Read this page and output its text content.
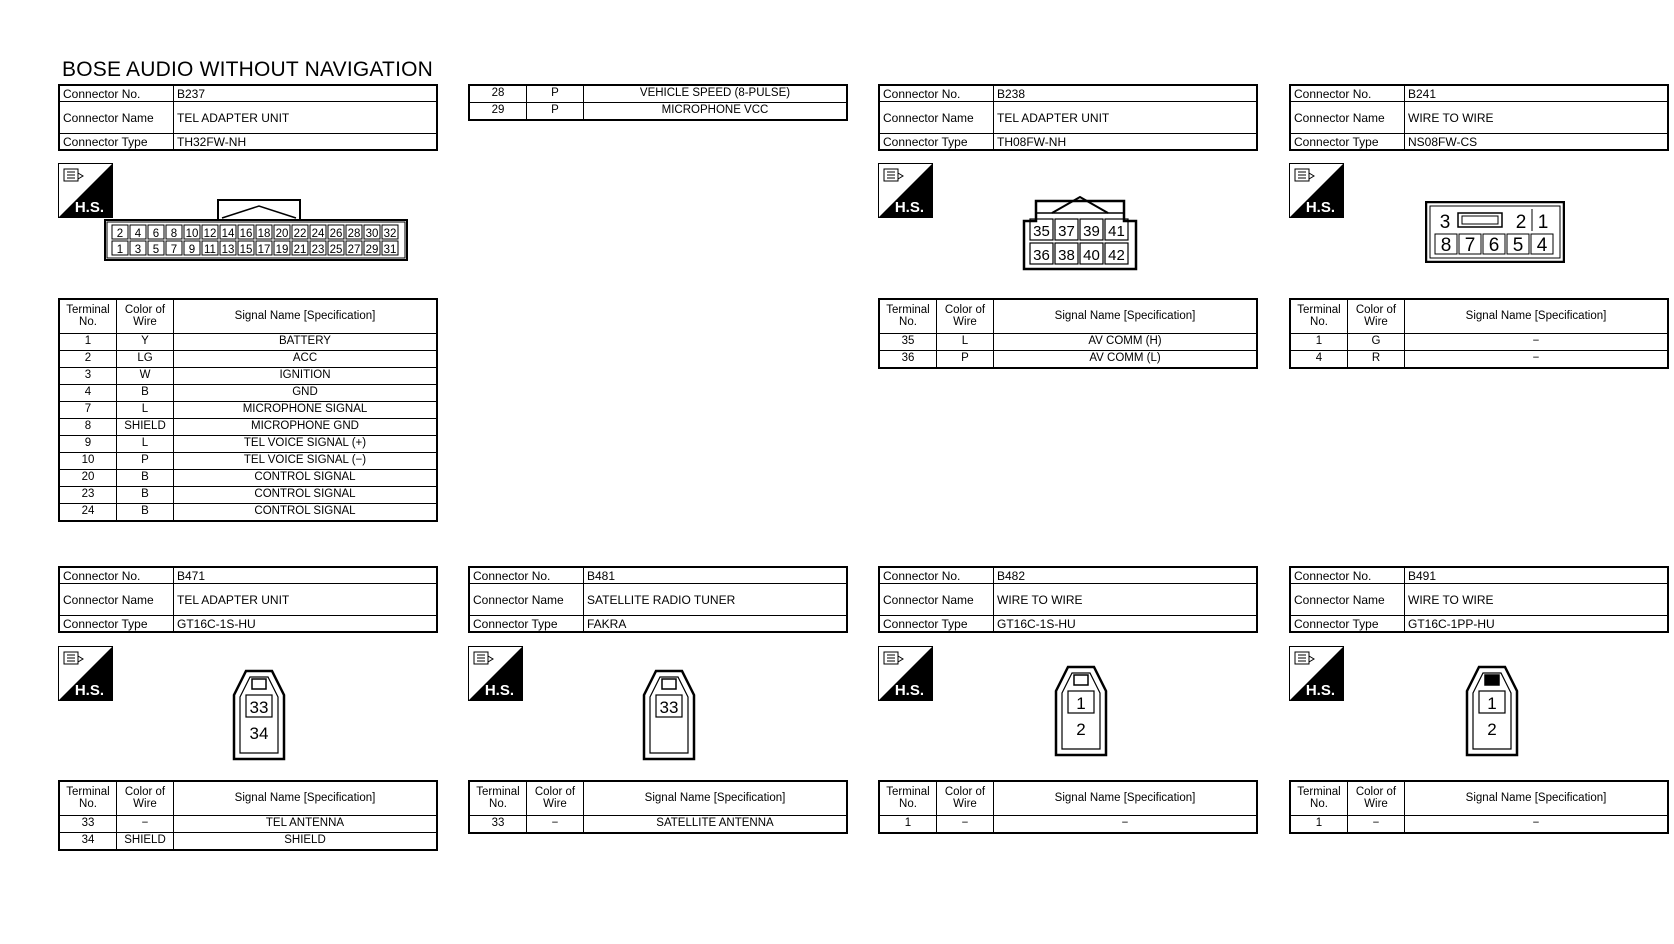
BOSE AUDIO WITHOUT NAVIGATION
Connector No.	B237
Connector Name	TEL ADAPTER UNIT
Connector Type	TH32FW-NH
H.S.
2 4 6 8 10 12 14 16 18 20 22 24 26 28 30 32
1 3 5 7 9 11 13 15 17 19 21 23 25 27 29 31
Terminal No.	Color of Wire	Signal Name [Specification]
1	Y	BATTERY
2	LG	ACC
3	W	IGNITION
4	B	GND
7	L	MICROPHONE SIGNAL
8	SHIELD	MICROPHONE GND
9	L	TEL VOICE SIGNAL (+)
10	P	TEL VOICE SIGNAL (−)
20	B	CONTROL SIGNAL
23	B	CONTROL SIGNAL
24	B	CONTROL SIGNAL
28	P	VEHICLE SPEED (8-PULSE)
29	P	MICROPHONE VCC
Connector No.	B238
Connector Name	TEL ADAPTER UNIT
Connector Type	TH08FW-NH
H.S.
35 37 39 41
36 38 40 42
Terminal No.	Color of Wire	Signal Name [Specification]
35	L	AV COMM (H)
36	P	AV COMM (L)
Connector No.	B241
Connector Name	WIRE TO WIRE
Connector Type	NS08FW-CS
H.S.
3	2 1
8 7 6 5 4
Terminal No.	Color of Wire	Signal Name [Specification]
1	G	−
4	R	−
Connector No.	B471
Connector Name	TEL ADAPTER UNIT
Connector Type	GT16C-1S-HU
H.S.
33
34
Terminal No.	Color of Wire	Signal Name [Specification]
33	−	TEL ANTENNA
34	SHIELD	SHIELD
Connector No.	B481
Connector Name	SATELLITE RADIO TUNER
Connector Type	FAKRA
H.S.
33
Terminal No.	Color of Wire	Signal Name [Specification]
33	−	SATELLITE ANTENNA
Connector No.	B482
Connector Name	WIRE TO WIRE
Connector Type	GT16C-1S-HU
H.S.
1
2
Terminal No.	Color of Wire	Signal Name [Specification]
1	−	−
Connector No.	B491
Connector Name	WIRE TO WIRE
Connector Type	GT16C-1PP-HU
H.S.
1
2
Terminal No.	Color of Wire	Signal Name [Specification]
1	−	−
